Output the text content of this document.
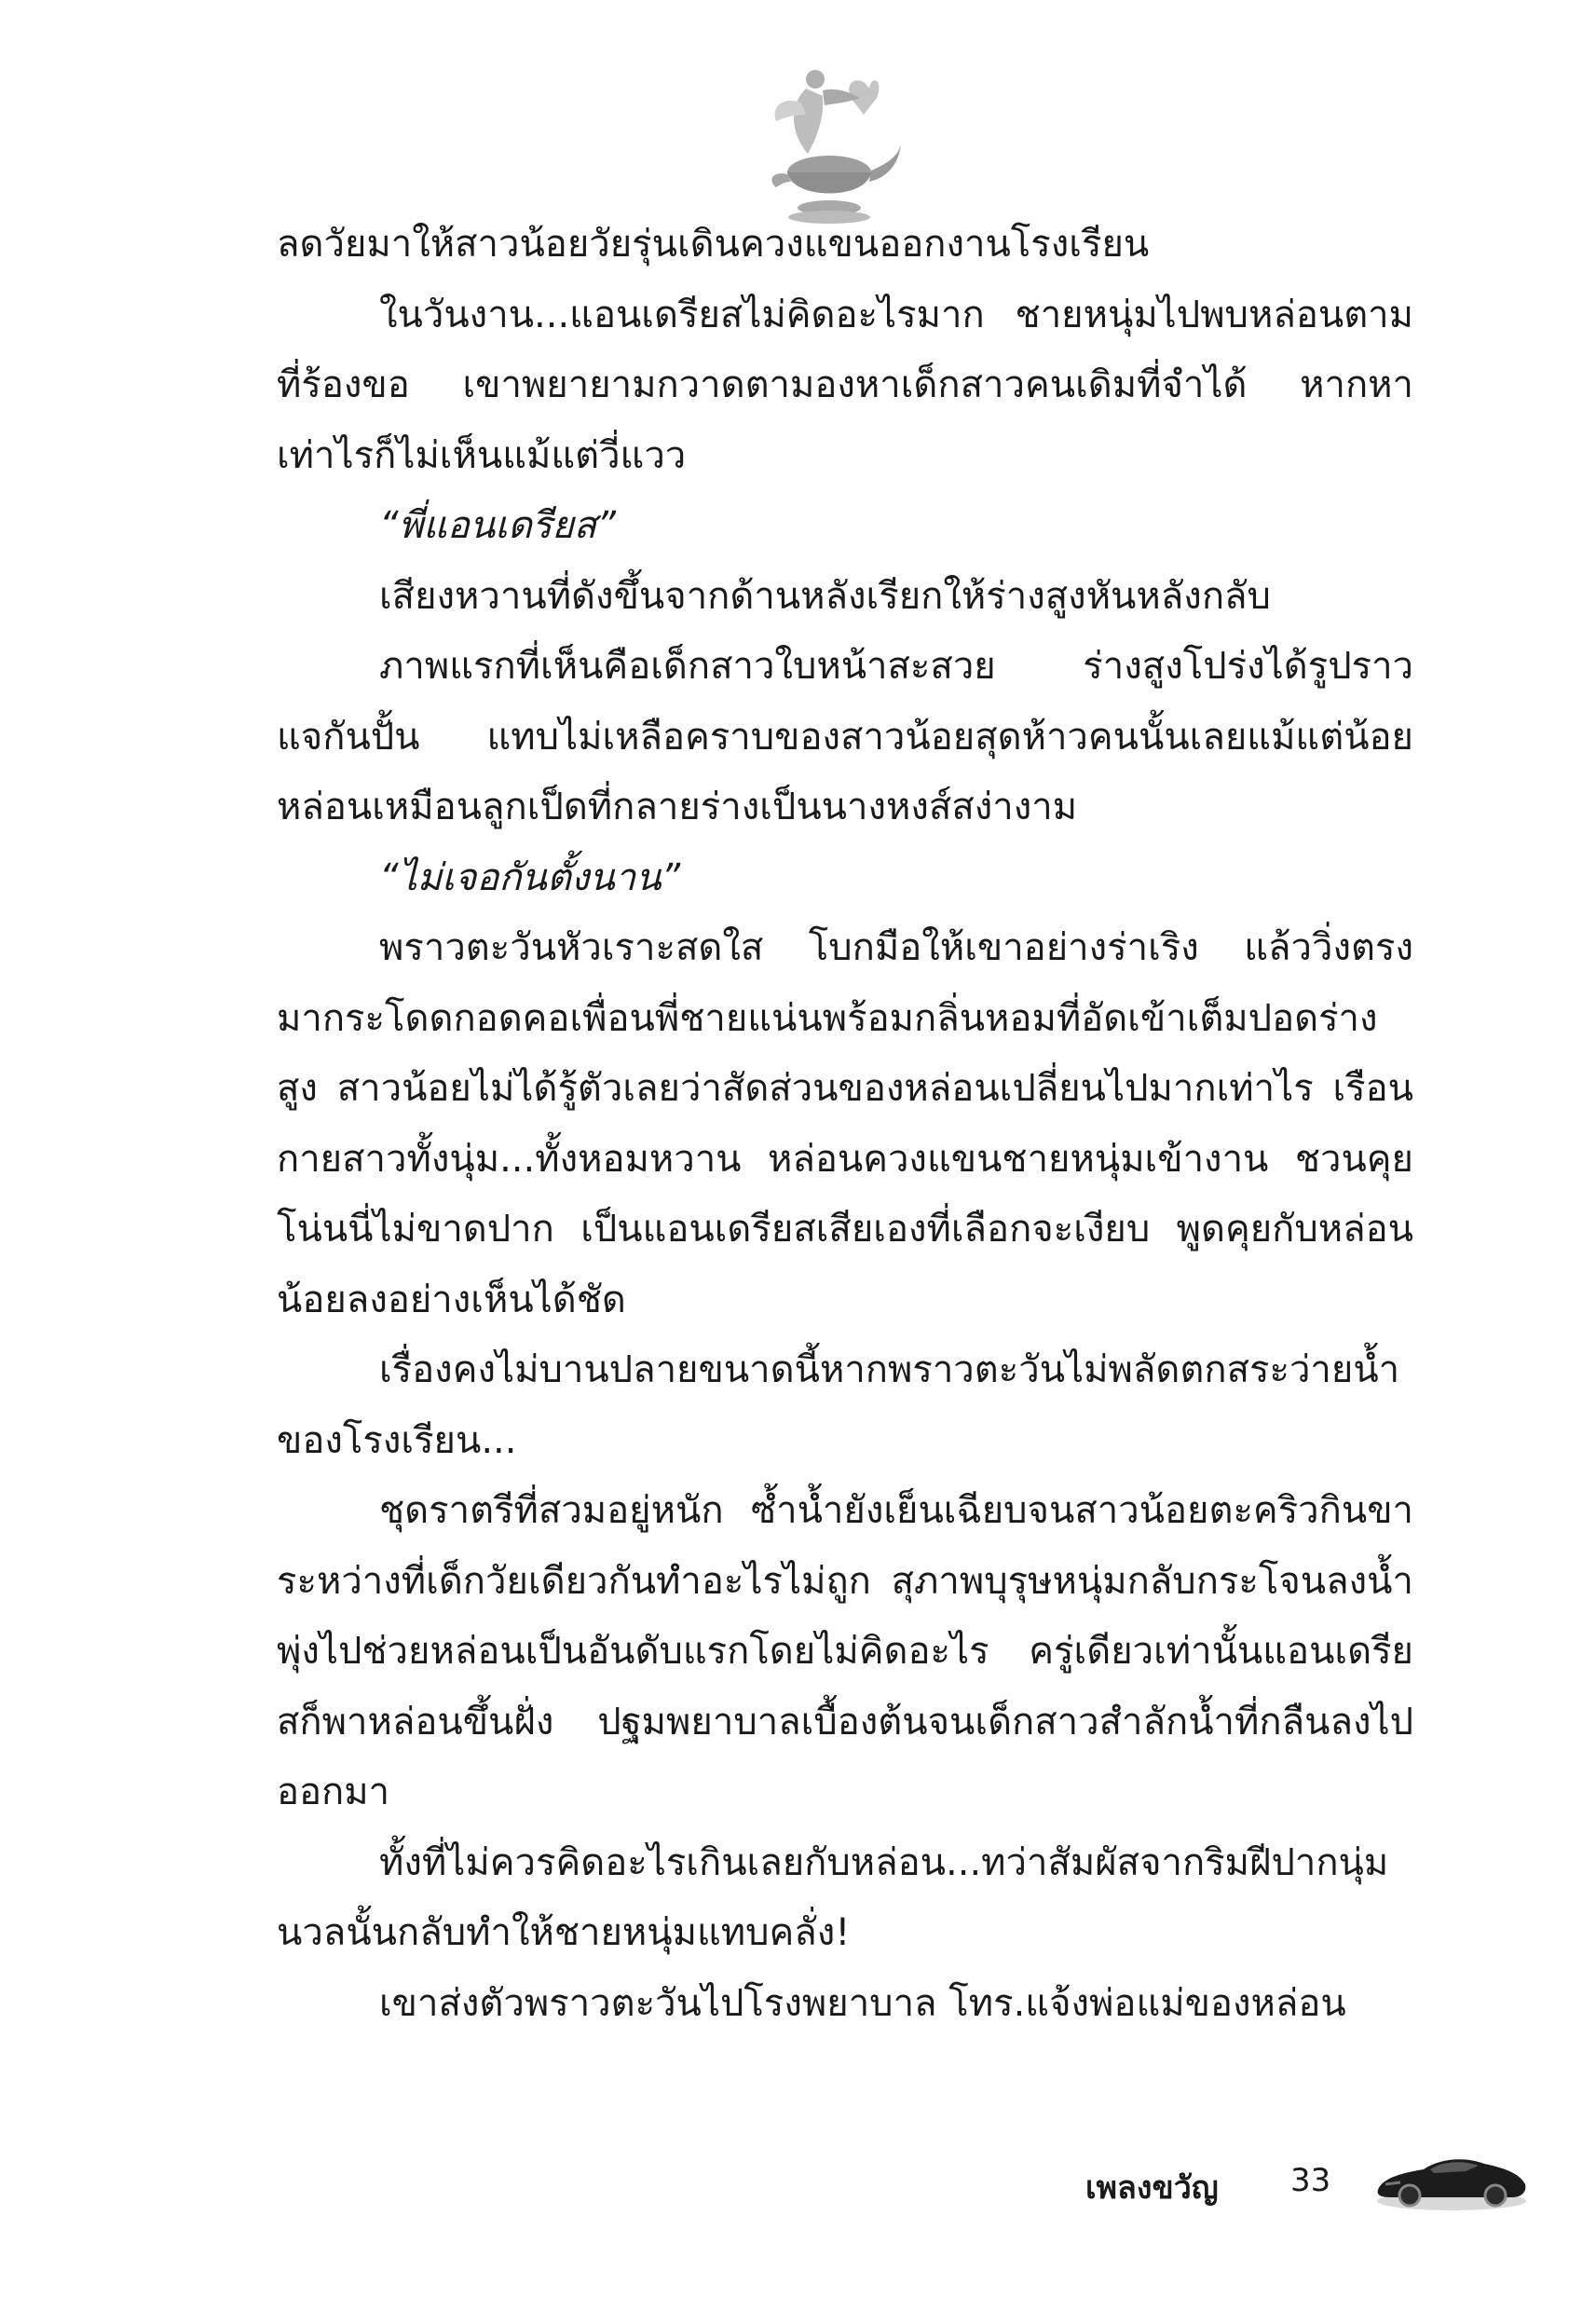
ลดวัยมาให้สาวน้อยวัยรุ่นเดินควงแขนออกงานโรงเรียน

ในวันงาน...แอนเดรียสไม่คิดอะไรมาก ชายหนุ่มไปพบหล่อนตามที่ร้องขอ เขาพยายามกวาดตามองหาเด็กสาวคนเดิมที่จำได้ หากหาเท่าไรก็ไม่เห็นแม้แต่วี่แวว

“พี่แอนเดรียส”

เสียงหวานที่ดังขึ้นจากด้านหลังเรียกให้ร่างสูงหันหลังกลับ

ภาพแรกที่เห็นคือเด็กสาวใบหน้าสะสวย ร่างสูงโปร่งได้รูปราวแจกันปั้น แทบไม่เหลือคราบของสาวน้อยสุดห้าวคนนั้นเลยแม้แต่น้อย หล่อนเหมือนลูกเป็ดที่กลายร่างเป็นนางหงส์สง่างาม

“ไม่เจอกันตั้งนาน”

พราวตะวันหัวเราะสดใส โบกมือให้เขาอย่างร่าเริง แล้ววิ่งตรงมากระโดดกอดคอเพื่อนพี่ชายแน่นพร้อมกลิ่นหอมที่อัดเข้าเต็มปอดร่างสูง สาวน้อยไม่ได้รู้ตัวเลยว่าสัดส่วนของหล่อนเปลี่ยนไปมากเท่าไร เรือนกายสาวทั้งนุ่ม...ทั้งหอมหวาน หล่อนควงแขนชายหนุ่มเข้างาน ชวนคุยโน่นนี่ไม่ขาดปาก เป็นแอนเดรียสเสียเองที่เลือกจะเงียบ พูดคุยกับหล่อนน้อยลงอย่างเห็นได้ชัด

เรื่องคงไม่บานปลายขนาดนี้หากพราวตะวันไม่พลัดตกสระว่ายน้ำของโรงเรียน...

ชุดราตรีที่สวมอยู่หนัก ซ้ำน้ำยังเย็นเฉียบจนสาวน้อยตะคริวกินขา ระหว่างที่เด็กวัยเดียวกันทำอะไรไม่ถูก สุภาพบุรุษหนุ่มกลับกระโจนลงน้ำ พุ่งไปช่วยหล่อนเป็นอันดับแรกโดยไม่คิดอะไร ครู่เดียวเท่านั้นแอนเดรียสก็พาหล่อนขึ้นฝั่ง ปฐมพยาบาลเบื้องต้นจนเด็กสาวสำลักน้ำที่กลืนลงไปออกมา

ทั้งที่ไม่ควรคิดอะไรเกินเลยกับหล่อน...ทว่าสัมผัสจากริมฝีปากนุ่มนวลนั้นกลับทำให้ชายหนุ่มแทบคลั่ง!

เขาส่งตัวพราวตะวันไปโรงพยาบาล โทร.แจ้งพ่อแม่ของหล่อน

เพลงขวัญ 33
